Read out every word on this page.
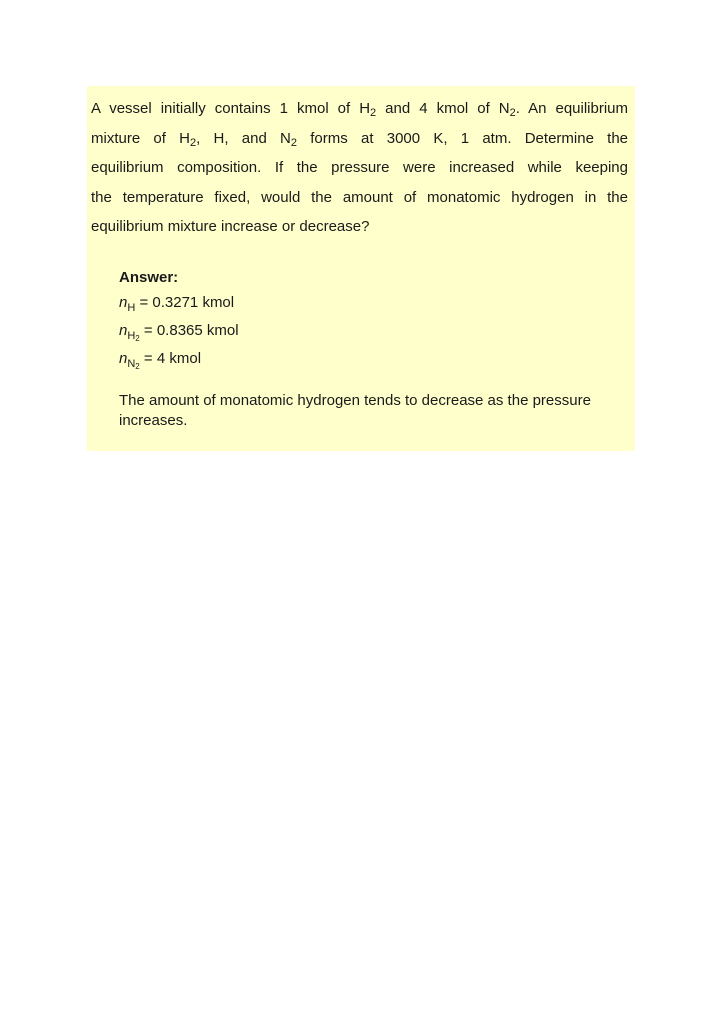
A vessel initially contains 1 kmol of $H_2$ and 4 kmol of $N_2$. An equilibrium
mixture of $H_2$, H, and $N_2$ forms at 3000 K, 1 atm. Determine the
equilibrium composition. If the pressure were increased while keeping
the temperature fixed, would the amount of monatomic hydrogen in the
equilibrium mixture increase or decrease?
Answer:
$n_H = 0.3271$ kmol
$n_{H2} = 0.8365$ kmol
$n_{N2} = 4$ kmol
The amount of monatomic hydrogen tends to decrease as the pressure increases.
